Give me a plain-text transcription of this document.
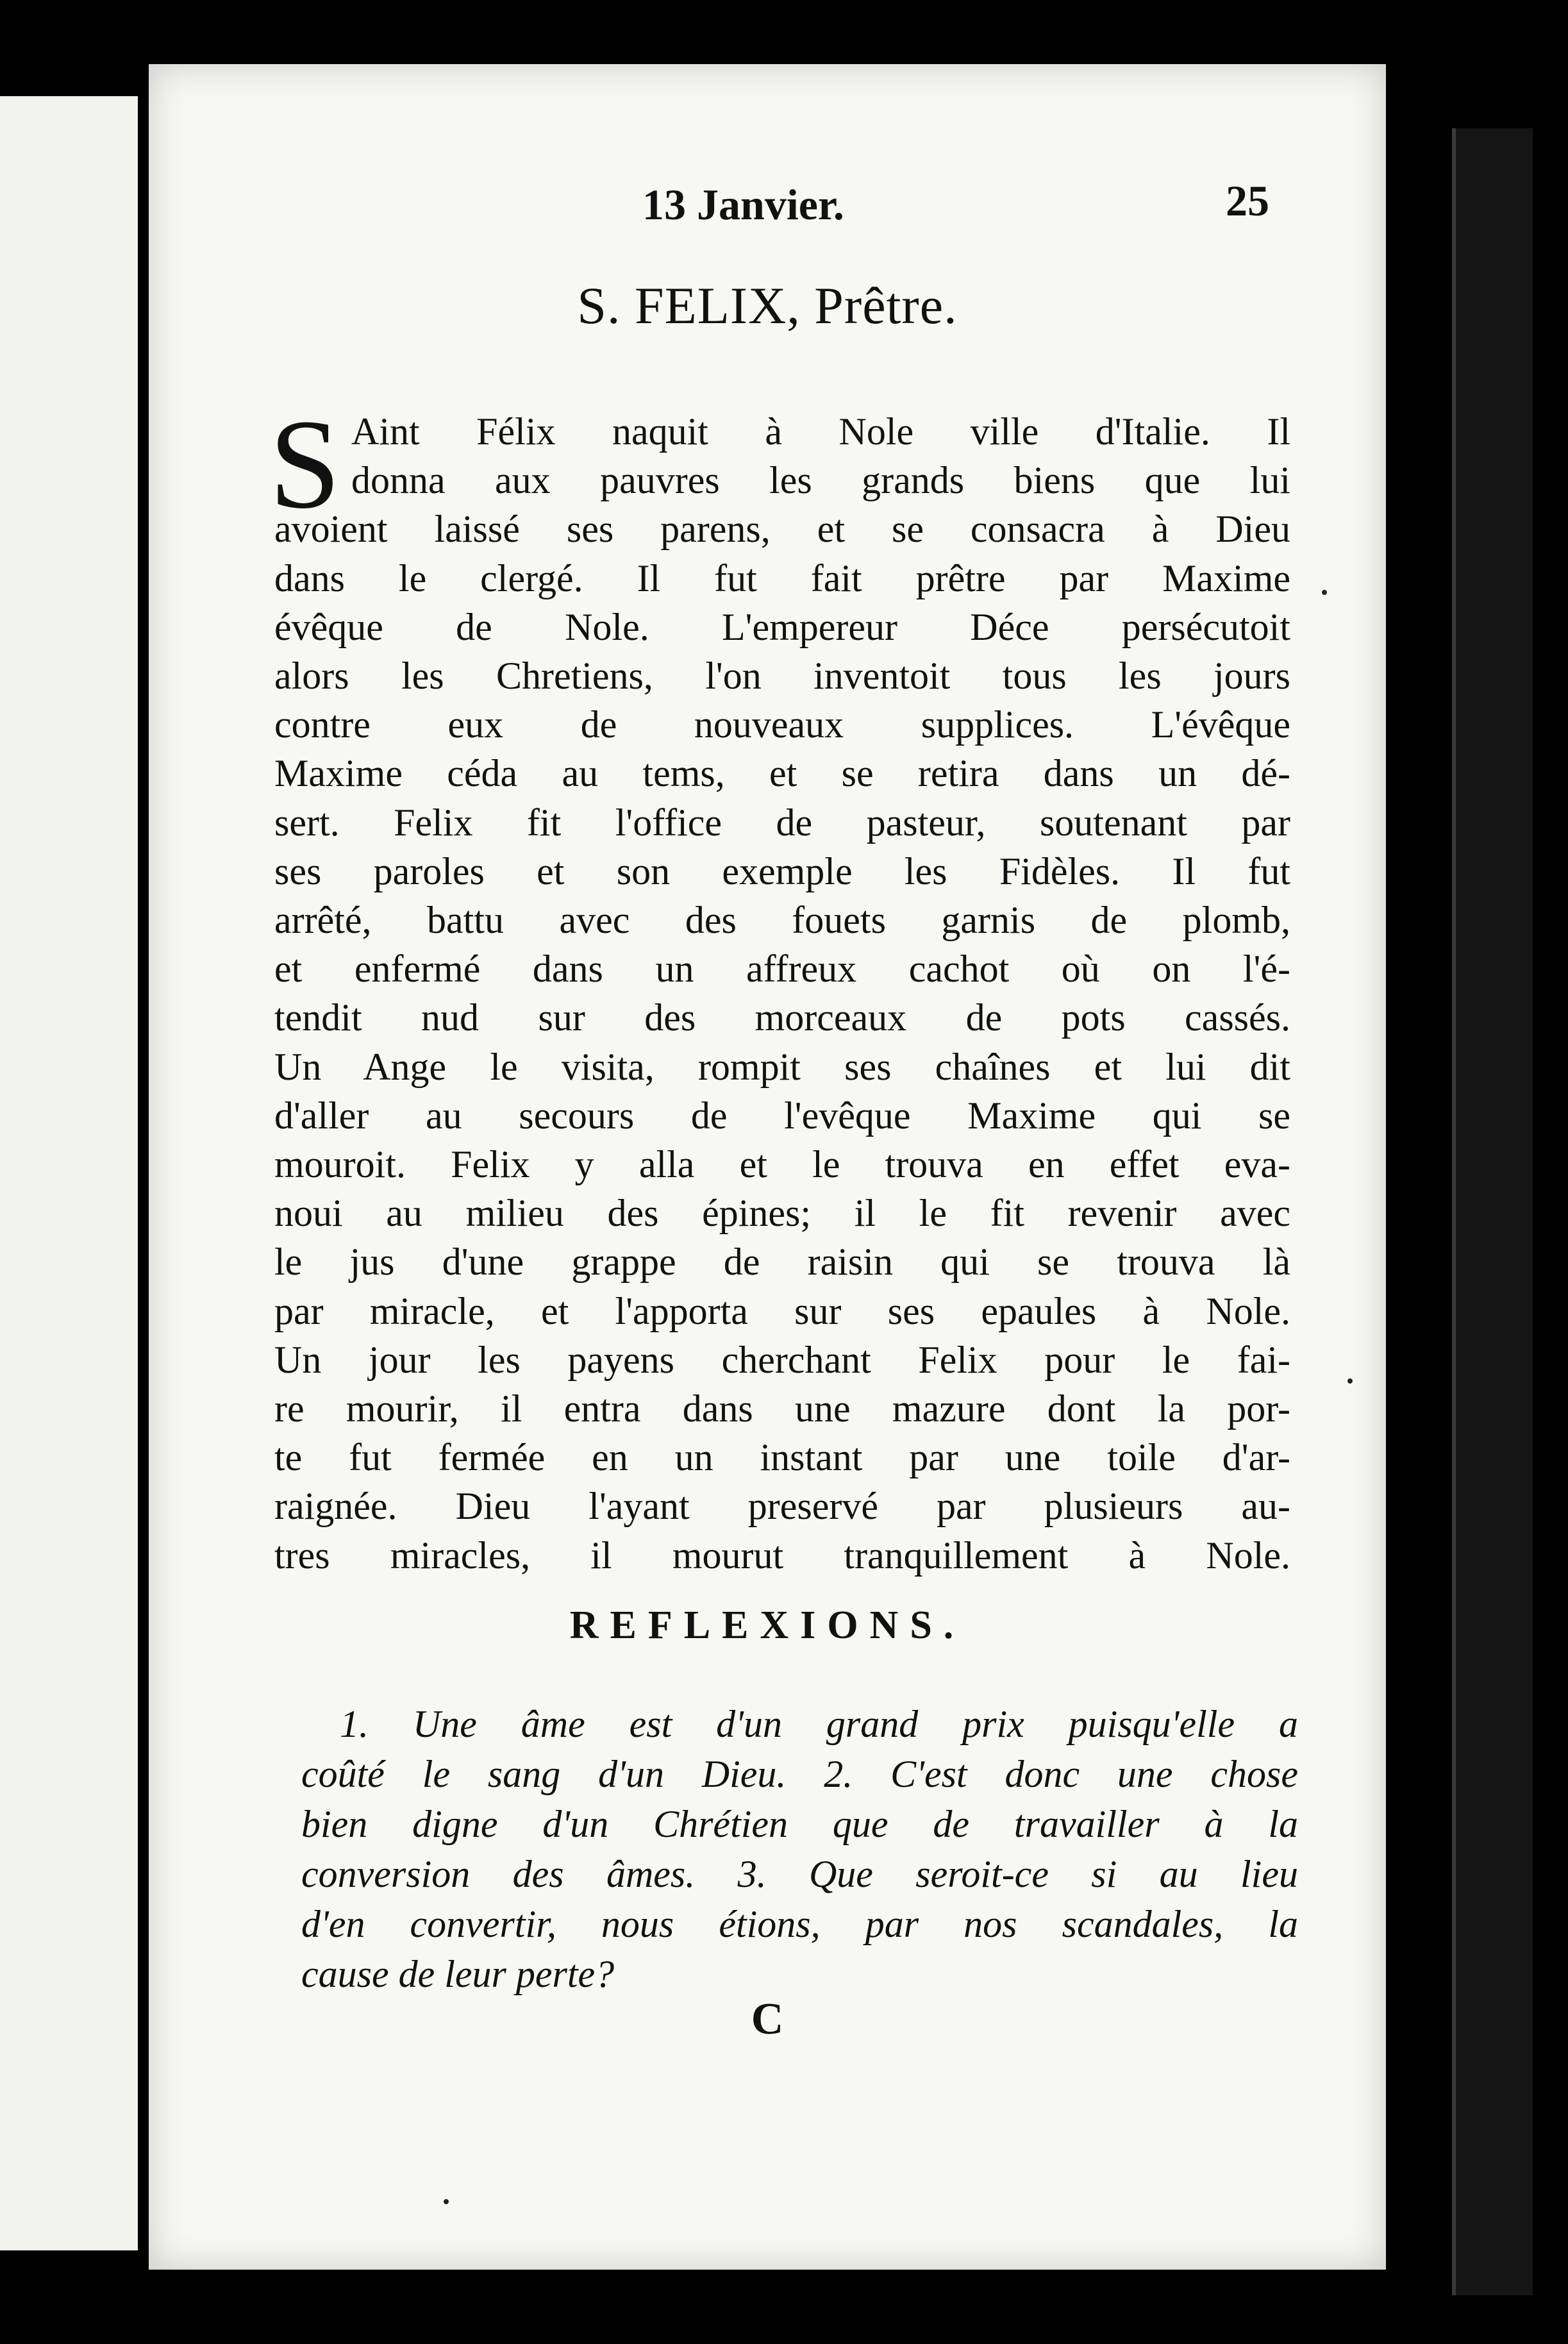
13 Janvier.	25
S. FELIX, Prêtre.
S Aint Félix naquit à Nole ville d'Italie. Il
donna aux pauvres les grands biens que lui
avoient laissé ses parens, et se consacra à Dieu
dans le clergé. Il fut fait prêtre par Maxime
évêque de Nole. L'empereur Déce persécutoit
alors les Chretiens, l'on inventoit tous les jours
contre eux de nouveaux supplices. L'évêque
Maxime céda au tems, et se retira dans un dé-
sert. Felix fit l'office de pasteur, soutenant par
ses paroles et son exemple les Fidèles. Il fut
arrêté, battu avec des fouets garnis de plomb,
et enfermé dans un affreux cachot où on l'é-
tendit nud sur des morceaux de pots cassés.
Un Ange le visita, rompit ses chaînes et lui dit
d'aller au secours de l'evêque Maxime qui se
mouroit. Felix y alla et le trouva en effet eva-
noui au milieu des épines; il le fit revenir avec
le jus d'une grappe de raisin qui se trouva là
par miracle, et l'apporta sur ses epaules à Nole.
Un jour les payens cherchant Felix pour le fai-
re mourir, il entra dans une mazure dont la por-
te fut fermée en un instant par une toile d'ar-
raignée. Dieu l'ayant preservé par plusieurs au-
tres miracles, il mourut tranquillement à Nole.
REFLEXIONS.
1. Une âme est d'un grand prix puisqu'elle a
coûté le sang d'un Dieu. 2. C'est donc une chose
bien digne d'un Chrétien que de travailler à la
conversion des âmes. 3. Que seroit-ce si au lieu
d'en convertir, nous étions, par nos scandales, la
cause de leur perte?
C
